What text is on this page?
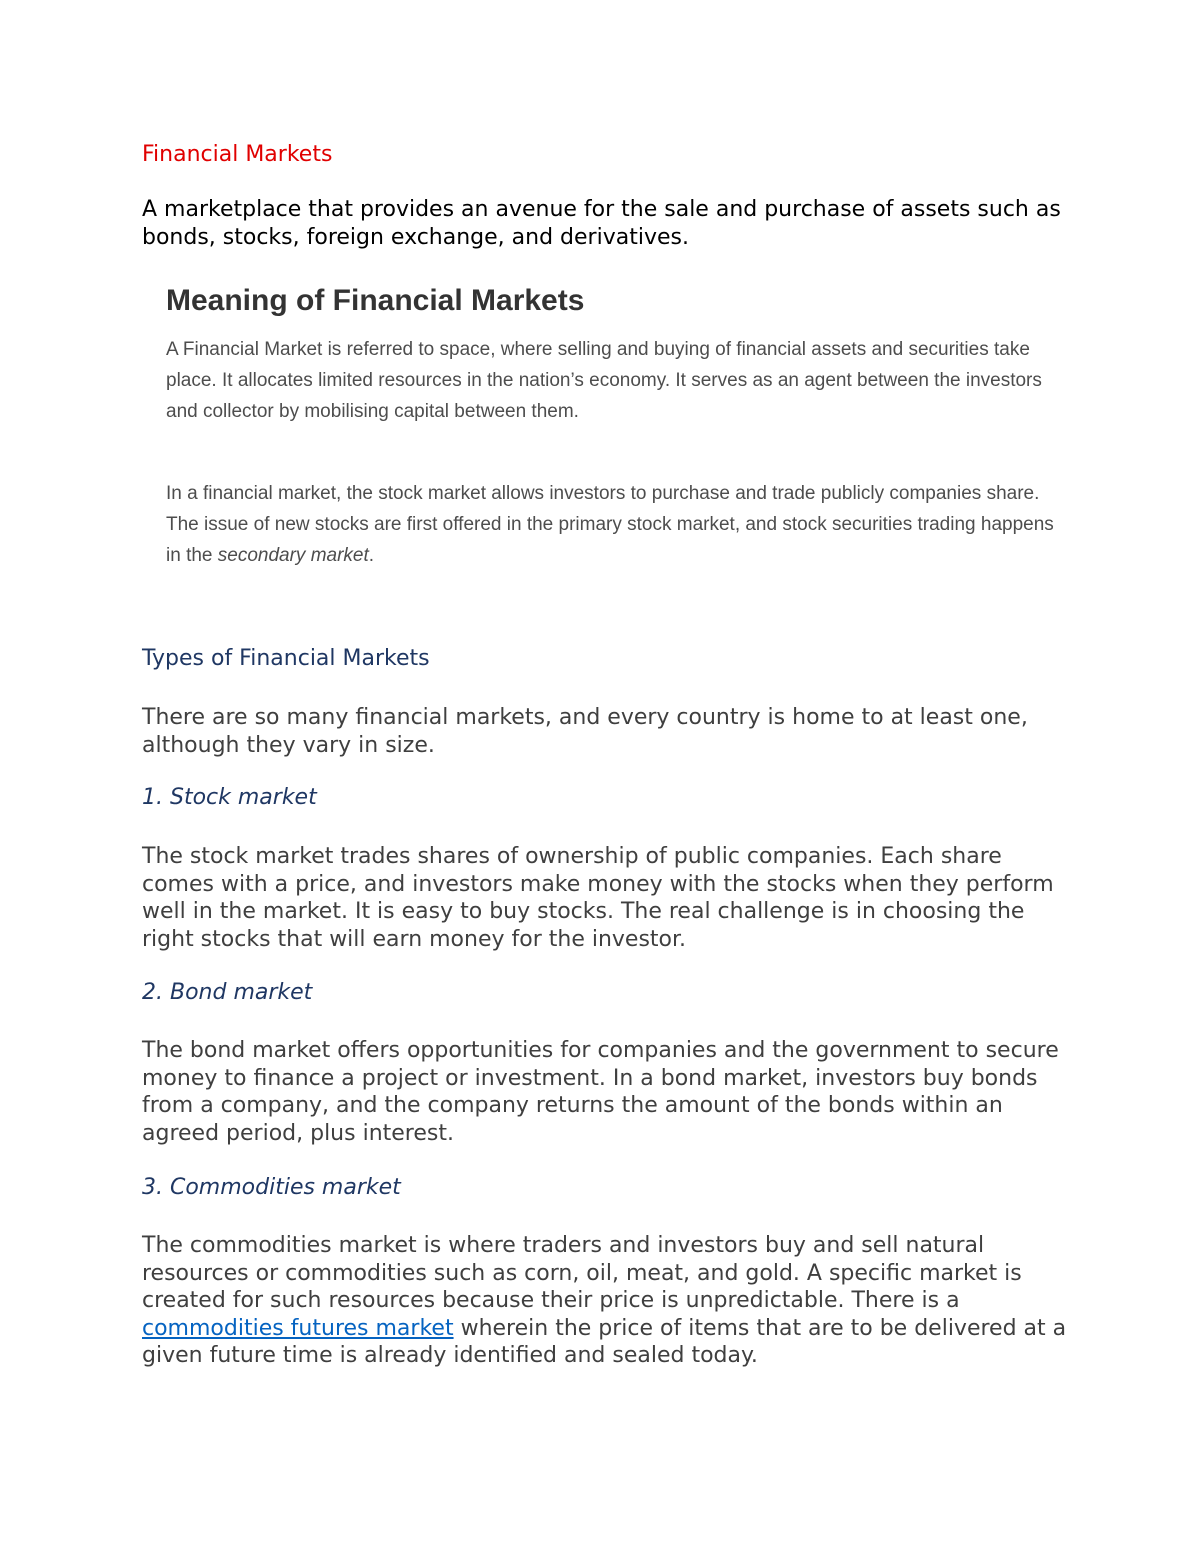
Financial Markets

A marketplace that provides an avenue for the sale and purchase of assets such as bonds, stocks, foreign exchange, and derivatives.

Meaning of Financial Markets

A Financial Market is referred to space, where selling and buying of financial assets and securities take place. It allocates limited resources in the nation’s economy. It serves as an agent between the investors and collector by mobilising capital between them.

In a financial market, the stock market allows investors to purchase and trade publicly companies share. The issue of new stocks are first offered in the primary stock market, and stock securities trading happens in the secondary market.

Types of Financial Markets

There are so many financial markets, and every country is home to at least one, although they vary in size.

1. Stock market

The stock market trades shares of ownership of public companies. Each share comes with a price, and investors make money with the stocks when they perform well in the market. It is easy to buy stocks. The real challenge is in choosing the right stocks that will earn money for the investor.

2. Bond market

The bond market offers opportunities for companies and the government to secure money to finance a project or investment. In a bond market, investors buy bonds from a company, and the company returns the amount of the bonds within an agreed period, plus interest.

3. Commodities market

The commodities market is where traders and investors buy and sell natural resources or commodities such as corn, oil, meat, and gold. A specific market is created for such resources because their price is unpredictable. There is a commodities futures market wherein the price of items that are to be delivered at a given future time is already identified and sealed today.
